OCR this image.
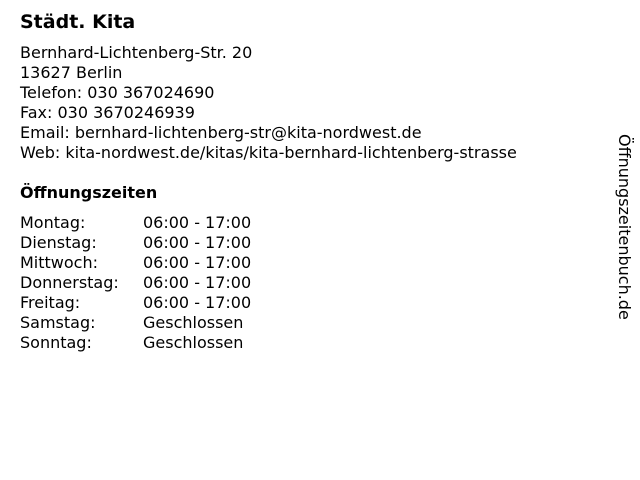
Städt. Kita
Bernhard-Lichtenberg-Str. 20
13627 Berlin
Telefon: 030 367024690
Fax: 030 3670246939
Email: bernhard-lichtenberg-str@kita-nordwest.de
Web: kita-nordwest.de/kitas/kita-bernhard-lichtenberg-strasse
Öffnungszeiten
Montag:	06:00 - 17:00
Dienstag:	06:00 - 17:00
Mittwoch:	06:00 - 17:00
Donnerstag: 06:00 - 17:00
Freitag:	06:00 - 17:00
Samstag:	Geschlossen
Sonntag:	Geschlossen
Öffnungszeitenbuch.de
